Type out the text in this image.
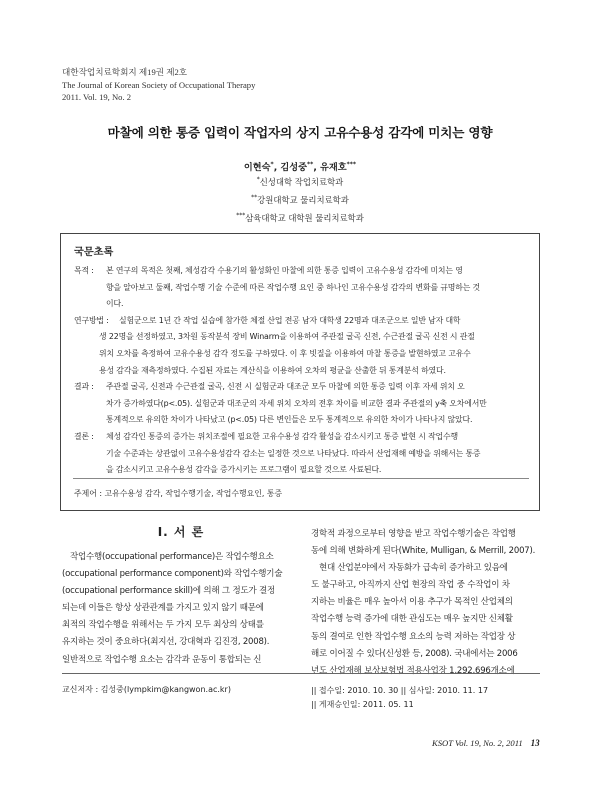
대한작업치료학회지 제19권 제2호
The Journal of Korean Society of Occupational Therapy
2011. Vol. 19, No. 2
마찰에 의한 통증 입력이 작업자의 상지 고유수용성 감각에 미치는 영향
이현숙*, 김성중**, 유재호***
*신성대학 작업치료학과
**강원대학교 물리치료학과
***삼육대학교 대학원 물리치료학과
국문초록
목적 :	본 연구의 목적은 첫째, 체성감각 수용기의 활성화인 마찰에 의한 통증 입력이 고유수용성 감각에 미치는 영
향을 알아보고 둘째, 작업수행 기술 수준에 따른 작업수행 요인 중 하나인 고유수용성 감각의 변화를 규명하는 것
이다.
연구방법 :	실험군으로 1년 간 작업 실습에 참가한 체절 산업 전공 남자 대학생 22명과 대조군으로 일반 남자 대학
생 22명을 선정하였고, 3차원 동작분석 장비 Winarm을 이용하여 주관절 굴곡 신전, 수근관절 굴곡 신전 시 관절
위치 오차를 측정하여 고유수용성 감각 정도를 구하였다. 이 후 빗질을 이용하여 마찰 통증을 발현하였고 고유수
용성 감각을 재측정하였다. 수집된 자료는 계산식을 이용하여 오차의 평균을 산출한 뒤 통계분석 하였다.
결과 :	주관절 굴곡, 신전과 수근관절 굴곡, 신전 시 실험군과 대조군 모두 마찰에 의한 통증 입력 이후 자세 위치 오
차가 증가하였다(p<.05). 실험군과 대조군의 자세 위치 오차의 전후 차이를 비교한 결과 주관절의 y축 오차에서만
통계적으로 유의한 차이가 나타났고 (p<.05) 다른 변인들은 모두 통계적으로 유의한 차이가 나타나지 않았다.
결론 :	체성 감각인 통증의 증가는 위치조절에 필요한 고유수용성 감각 활성을 감소시키고 통증 발현 시 작업수행
기술 수준과는 상관없이 고유수용성감각 감소는 일정한 것으로 나타났다. 따라서 산업재해 예방을 위해서는 통증
을 감소시키고 고유수용성 감각을 증가시키는 프로그램이 필요할 것으로 사료된다.
주제어 : 고유수용성 감각, 작업수행기술, 작업수행요인, 통증
Ⅰ. 서 론
작업수행(occupational performance)은 작업수행요소
(occupational performance component)와 작업수행기술
(occupational performance skill)에 의해 그 정도가 결정
되는데 이들은 항상 상관관계를 가지고 있지 않기 때문에
최적의 작업수행을 위해서는 두 가지 모두 최상의 상태를
유지하는 것이 중요하다(최지선, 강대혁과 김진경, 2008).
일반적으로 작업수행 요소는 감각과 운동이 통합되는 신
경학적 과정으로부터 영향을 받고 작업수행기술은 작업행
동에 의해 변화하게 된다(White, Mulligan, & Merrill, 2007).
현대 산업분야에서 자동화가 급속히 증가하고 있음에
도 불구하고, 아직까지 산업 현장의 작업 중 수작업이 차
지하는 비율은 매우 높아서 이용 추구가 목적인 산업체의
작업수행 능력 증가에 대한 관심도는 매우 높지만 신체활
동의 결여로 인한 작업수행 요소의 능력 저하는 작업장 상
해로 이어질 수 있다(신성환 등, 2008). 국내에서는 2006
년도 산업재해 보상보험법 적용사업장 1,292,696개소에
교신저자 : 김성중(lympkim@kangwon.ac.kr)	|| 접수일: 2010. 10. 30 || 심사일: 2010. 11. 17
|| 게재승인일: 2011. 05. 11
KSOT Vol. 19, No. 2, 2011 13
